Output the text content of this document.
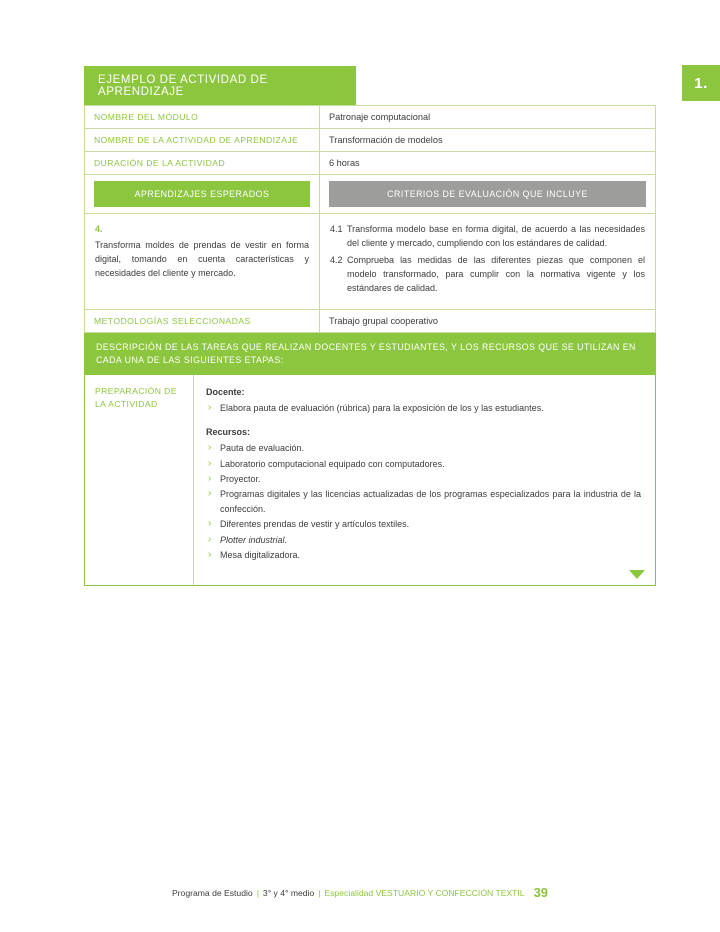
1.
EJEMPLO DE ACTIVIDAD DE APRENDIZAJE
NOMBRE DEL MÓDULO	Patronaje computacional
NOMBRE DE LA ACTIVIDAD DE APRENDIZAJE	Transformación de modelos
DURACIÓN DE LA ACTIVIDAD	6 horas

APRENDIZAJES ESPERADOS	CRITERIOS DE EVALUACIÓN QUE INCLUYE

4.
Transforma moldes de prendas de vestir en forma digital, tomando en cuenta características y necesidades del cliente y mercado.	
4.1 Transforma modelo base en forma digital, de acuerdo a las necesidades del cliente y mercado, cumpliendo con los estándares de calidad.
4.2 Comprueba las medidas de las diferentes piezas que componen el modelo transformado, para cumplir con la normativa vigente y los estándares de calidad.

METODOLOGÍAS SELECCIONADAS	Trabajo grupal cooperativo
DESCRIPCIÓN DE LAS TAREAS QUE REALIZAN DOCENTES Y ESTUDIANTES, Y LOS RECURSOS QUE SE UTILIZAN EN CADA UNA DE LAS SIGUIENTES ETAPAS:
PREPARACIÓN DE LA ACTIVIDAD
Docente:
› Elabora pauta de evaluación (rúbrica) para la exposición de los y las estudiantes.
Recursos:
› Pauta de evaluación.
› Laboratorio computacional equipado con computadores.
› Proyector.
› Programas digitales y las licencias actualizadas de los programas especializados para la industria de la confección.
› Diferentes prendas de vestir y artículos textiles.
› Plotter industrial.
› Mesa digitalizadora.
Programa de Estudio | 3° y 4° medio | Especialidad VESTUARIO Y CONFECCIÓN TEXTIL 39
